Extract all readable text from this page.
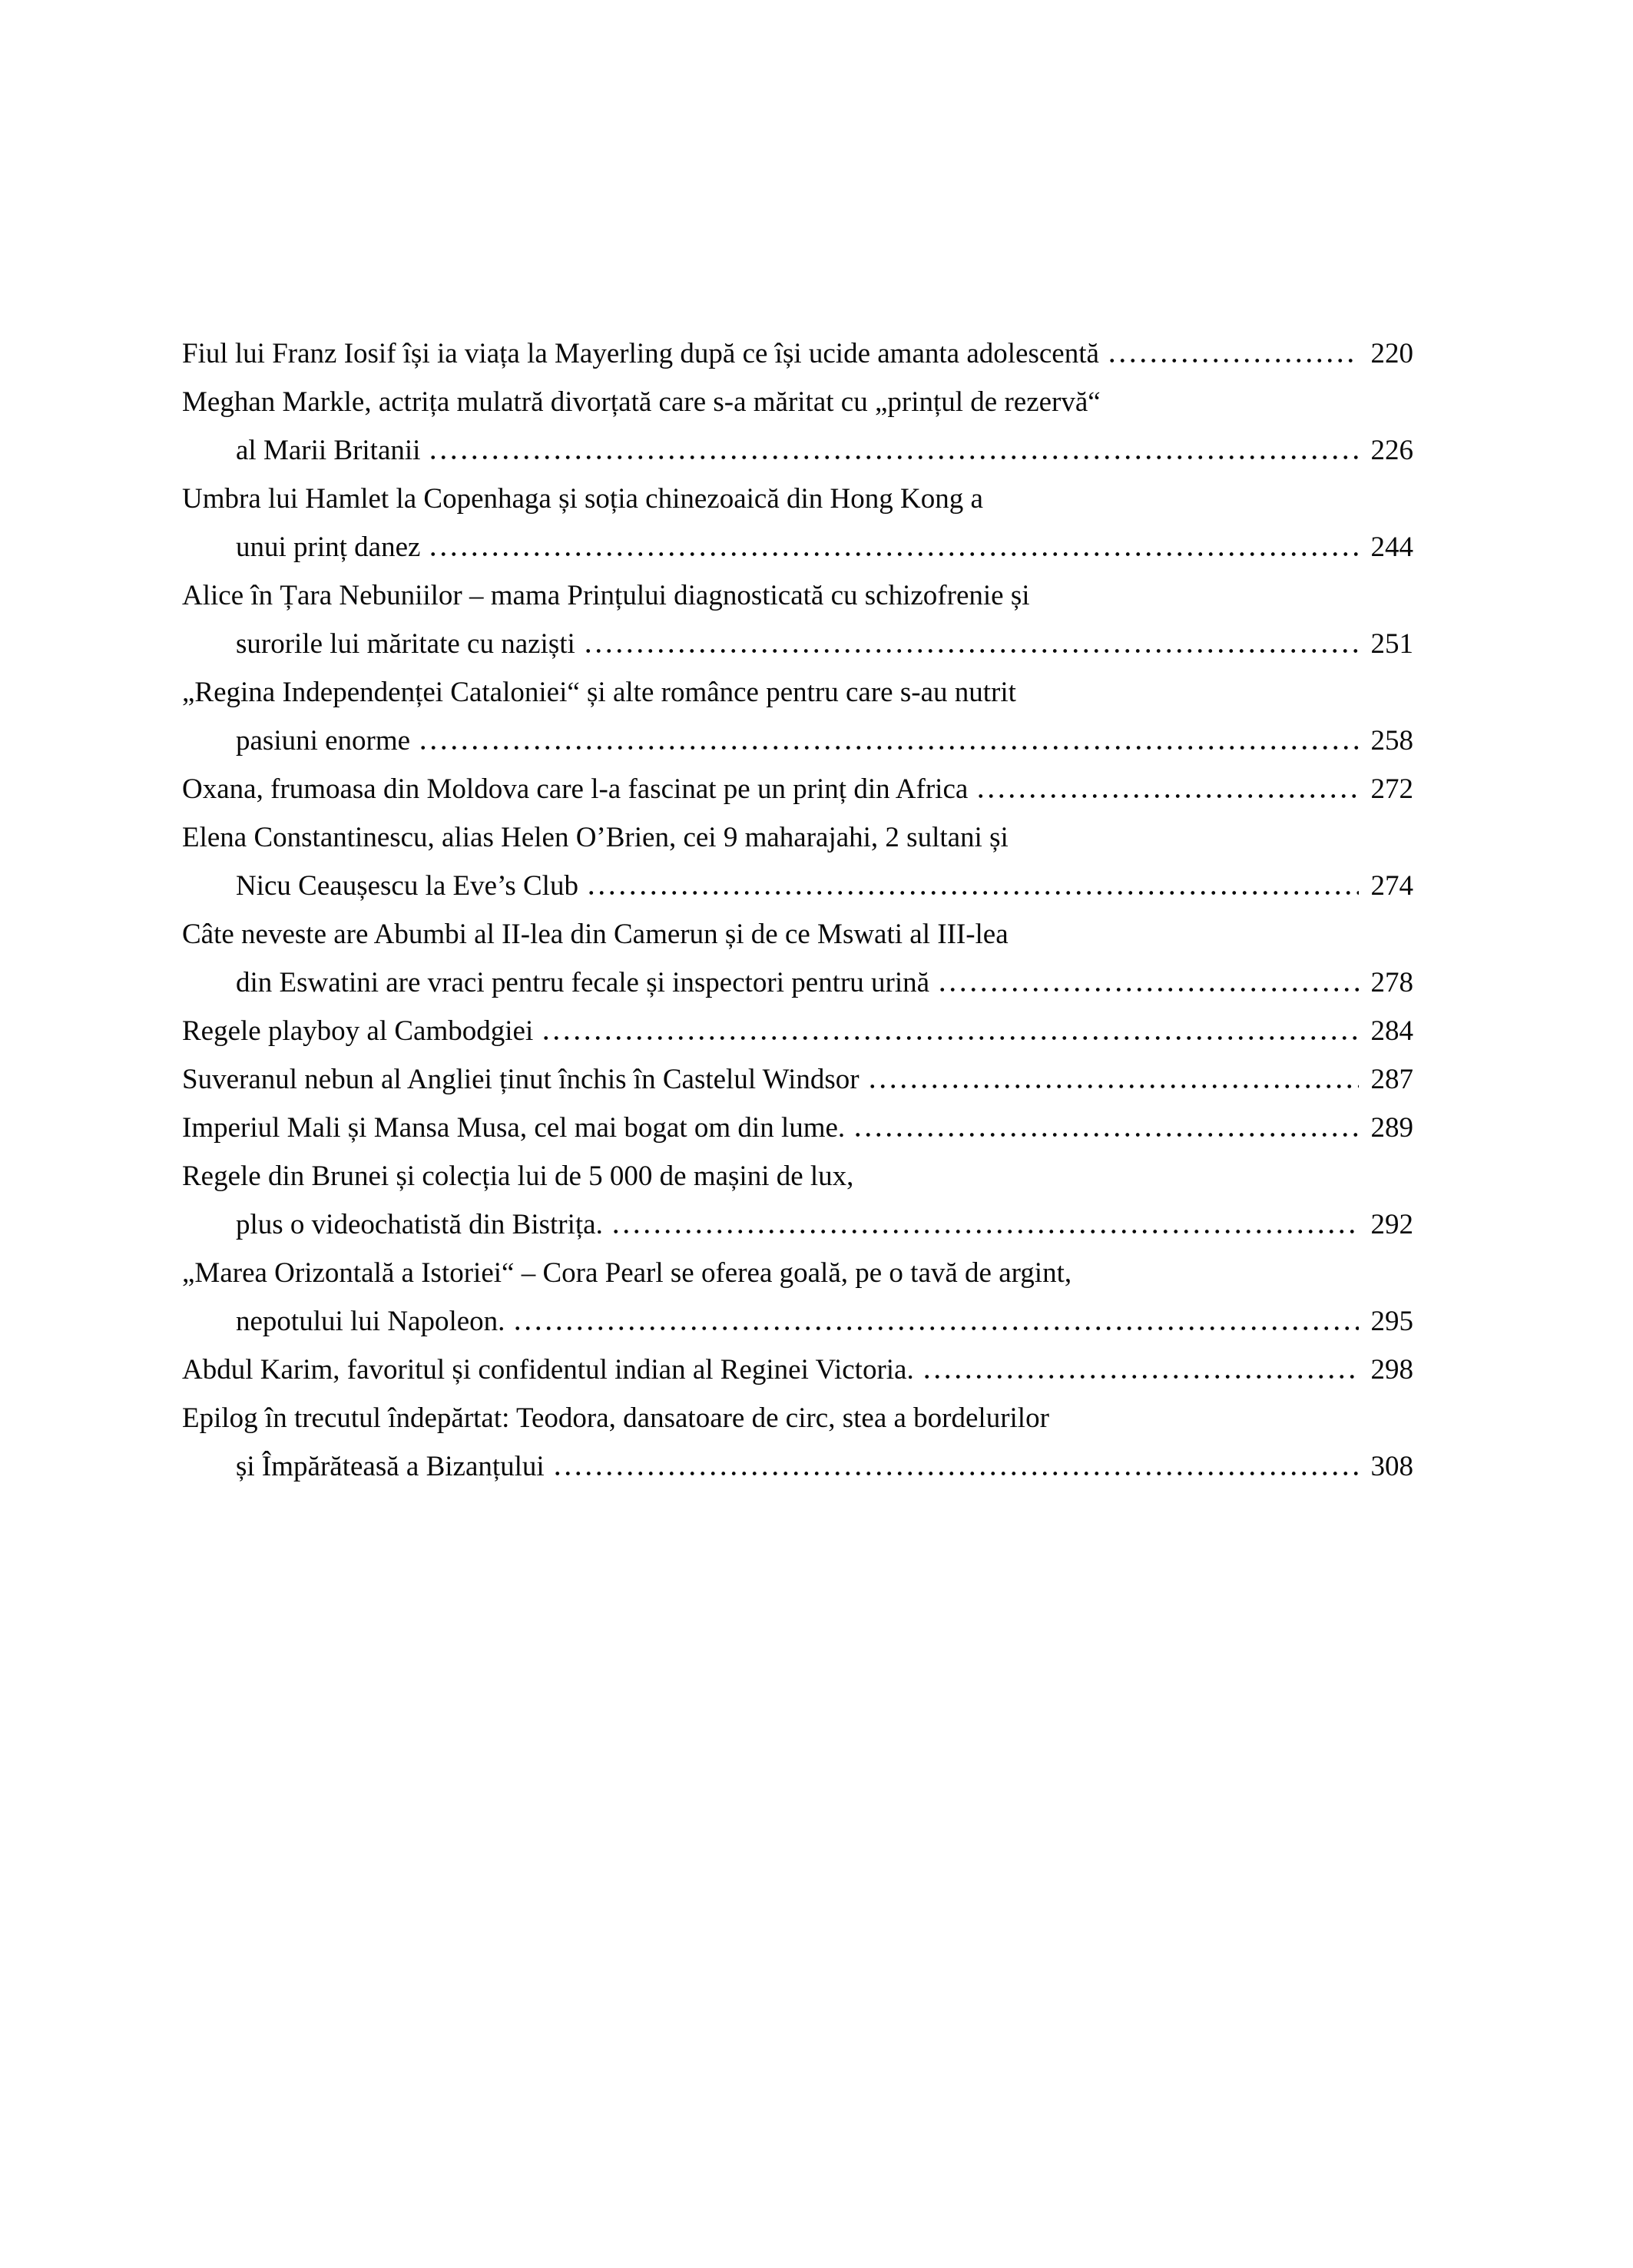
Fiul lui Franz Iosif își ia viața la Mayerling după ce își ucide amanta adolescentă	220
Meghan Markle, actrița mulatră divorțată care s-a măritat cu „prințul de rezervă“
al Marii Britanii	226
Umbra lui Hamlet la Copenhaga și soția chinezoaică din Hong Kong a
unui prinț danez	244
Alice în Țara Nebuniilor – mama Prințului diagnosticată cu schizofrenie și
surorile lui măritate cu naziști	251
„Regina Independenței Cataloniei“ și alte românce pentru care s-au nutrit
pasiuni enorme	258
Oxana, frumoasa din Moldova care l-a fascinat pe un prinț din Africa	272
Elena Constantinescu, alias Helen O’Brien, cei 9 maharajahi, 2 sultani și
Nicu Ceaușescu la Eve’s Club	274
Câte neveste are Abumbi al II-lea din Camerun și de ce Mswati al III-lea
din Eswatini are vraci pentru fecale și inspectori pentru urină	278
Regele playboy al Cambodgiei	284
Suveranul nebun al Angliei ținut închis în Castelul Windsor	287
Imperiul Mali și Mansa Musa, cel mai bogat om din lume.	289
Regele din Brunei și colecția lui de 5 000 de mașini de lux,
plus o videochatistă din Bistrița.	292
„Marea Orizontală a Istoriei“ – Cora Pearl se oferea goală, pe o tavă de argint,
nepotului lui Napoleon.	295
Abdul Karim, favoritul și confidentul indian al Reginei Victoria.	298
Epilog în trecutul îndepărtat: Teodora, dansatoare de circ, stea a bordelurilor
și Împărăteasă a Bizanțului	308
